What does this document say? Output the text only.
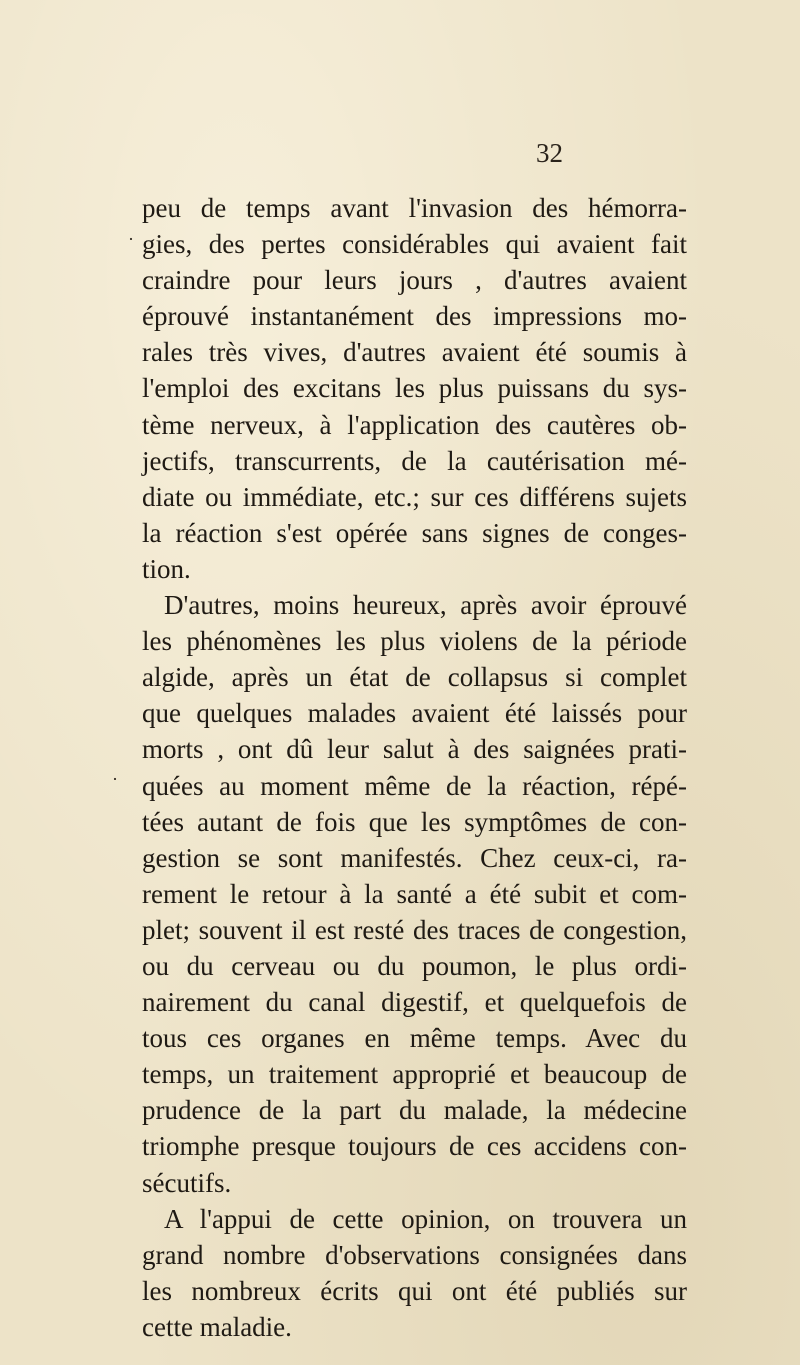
32
peu de temps avant l'invasion des hémorra-
gies, des pertes considérables qui avaient fait
craindre pour leurs jours , d'autres avaient
éprouvé instantanément des impressions mo-
rales très vives, d'autres avaient été soumis à
l'emploi des excitans les plus puissans du sys-
tème nerveux, à l'application des cautères ob-
jectifs, transcurrents, de la cautérisation mé-
diate ou immédiate, etc.; sur ces différens sujets
la réaction s'est opérée sans signes de conges-
tion.
D'autres, moins heureux, après avoir éprouvé
les phénomènes les plus violens de la période
algide, après un état de collapsus si complet
que quelques malades avaient été laissés pour
morts , ont dû leur salut à des saignées prati-
quées au moment même de la réaction, répé-
tées autant de fois que les symptômes de con-
gestion se sont manifestés. Chez ceux-ci, ra-
rement le retour à la santé a été subit et com-
plet; souvent il est resté des traces de congestion,
ou du cerveau ou du poumon, le plus ordi-
nairement du canal digestif, et quelquefois de
tous ces organes en même temps. Avec du
temps, un traitement approprié et beaucoup de
prudence de la part du malade, la médecine
triomphe presque toujours de ces accidens con-
sécutifs.
A l'appui de cette opinion, on trouvera un
grand nombre d'observations consignées dans
les nombreux écrits qui ont été publiés sur
cette maladie.
·
·
